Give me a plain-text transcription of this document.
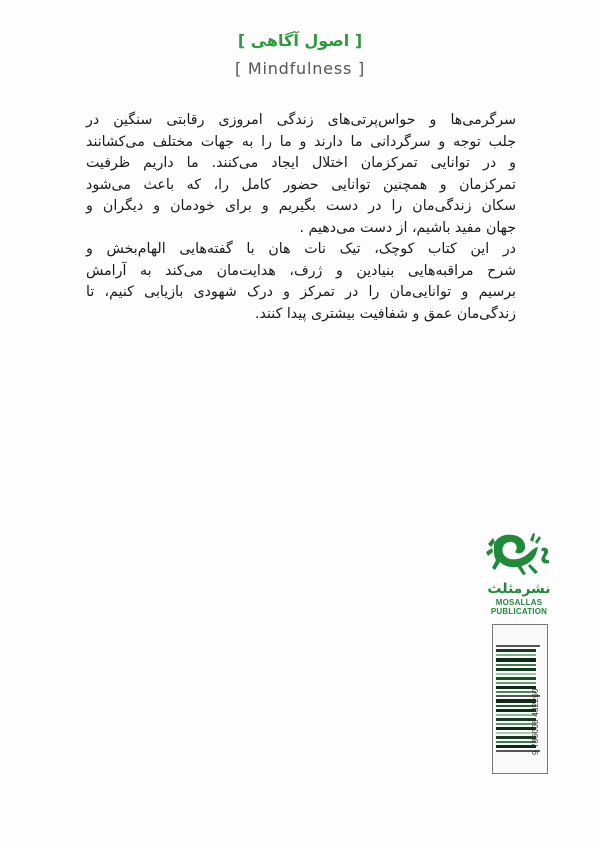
[ اصول آگاهی ]
[ Mindfulness ]

سرگرمی‌ها و حواس‌پرتی‌های زندگی امروزی رقابتی سنگین در
جلب توجه و سرگردانی ما دارند و ما را به جهات مختلف می‌کشانند
و در توانایی تمرکزمان اختلال ایجاد می‌کنند. ما داریم ظرفیت
تمرکزمان و همچنین توانایی حضور کامل را، که باعث می‌شود
سکان زندگی‌مان را در دست بگیریم و برای خودمان و دیگران و
جهان مفید باشیم، از دست می‌دهیم .

در این کتاب کوچک، تیک نات هان با گفته‌هایی الهام‌بخش و
شرح مراقبه‌هایی بنیادین و ژرف، هدایت‌مان می‌کند به آرامش
برسیم و توانایی‌مان را در تمرکز و درک شهودی بازیابی کنیم، تا
زندگی‌مان عمق و شفافیت بیشتری پیدا کنند.

نشرمثلث
MOSALLAS
PUBLICATION
9 786008 482260
